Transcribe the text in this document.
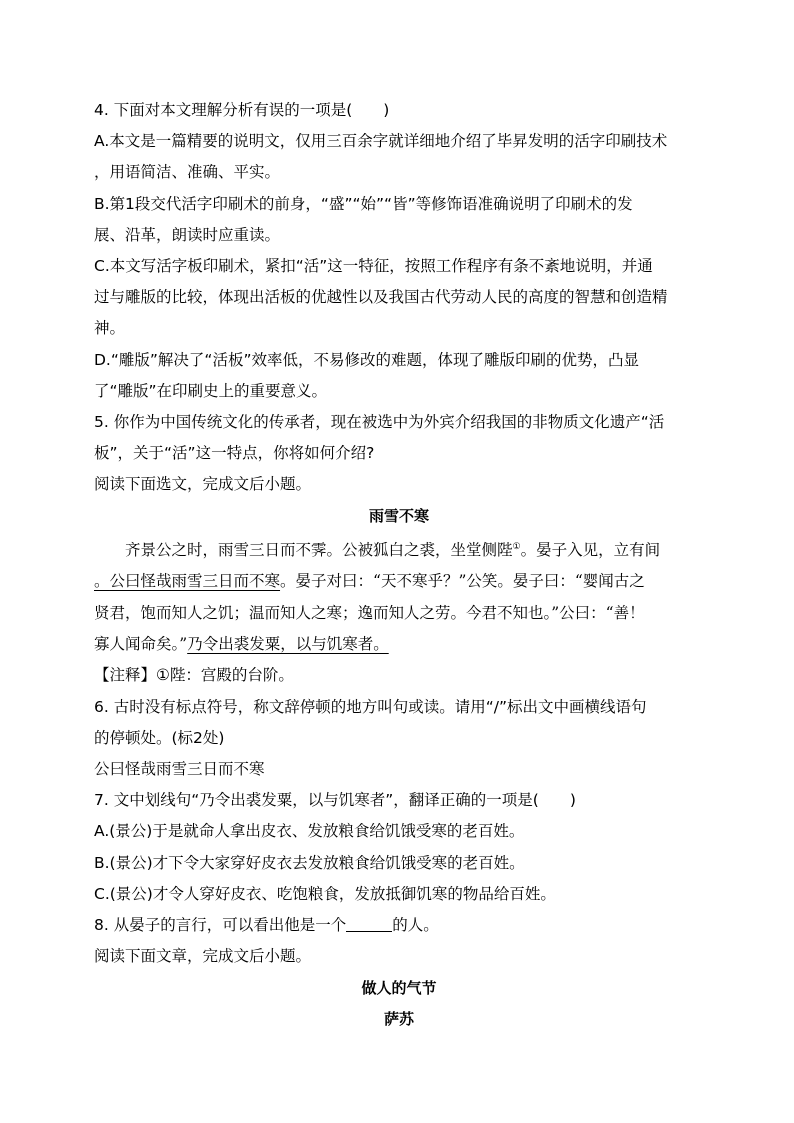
4. 下面对本文理解分析有误的一项是(　　)
A.本文是一篇精要的说明文，仅用三百余字就详细地介绍了毕昇发明的活字印刷技术
，用语简洁、准确、平实。
B.第1段交代活字印刷术的前身，“盛”“始”“皆”等修饰语准确说明了印刷术的发
展、沿革，朗读时应重读。
C.本文写活字板印刷术，紧扣“活”这一特征，按照工作程序有条不紊地说明，并通
过与雕版的比较，体现出活板的优越性以及我国古代劳动人民的高度的智慧和创造精
神。
D.“雕版”解决了“活板”效率低，不易修改的难题，体现了雕版印刷的优势，凸显
了“雕版”在印刷史上的重要意义。
5. 你作为中国传统文化的传承者，现在被选中为外宾介绍我国的非物质文化遗产“活
板”，关于“活”这一特点，你将如何介绍?
阅读下面选文，完成文后小题。
雨雪不寒
齐景公之时，雨雪三日而不霁。公被狐白之裘，坐堂侧陛①。晏子入见，立有间
。公曰怪哉雨雪三日而不寒。晏子对曰：“天不寒乎？”公笑。晏子曰：“婴闻古之
贤君，饱而知人之饥；温而知人之寒；逸而知人之劳。今君不知也。”公曰：“善！
寡人闻命矣。”乃令出裘发粟，以与饥寒者。
【注释】①陛：宫殿的台阶。
6. 古时没有标点符号，称文辞停顿的地方叫句或读。请用“/”标出文中画横线语句
的停顿处。(标2处)
公曰怪哉雨雪三日而不寒
7. 文中划线句“乃令出裘发粟，以与饥寒者”，翻译正确的一项是(　　)
A.(景公)于是就命人拿出皮衣、发放粮食给饥饿受寒的老百姓。
B.(景公)才下令大家穿好皮衣去发放粮食给饥饿受寒的老百姓。
C.(景公)才令人穿好皮衣、吃饱粮食，发放抵御饥寒的物品给百姓。
8. 从晏子的言行，可以看出他是一个	的人。
阅读下面文章，完成文后小题。
做人的气节
萨苏
